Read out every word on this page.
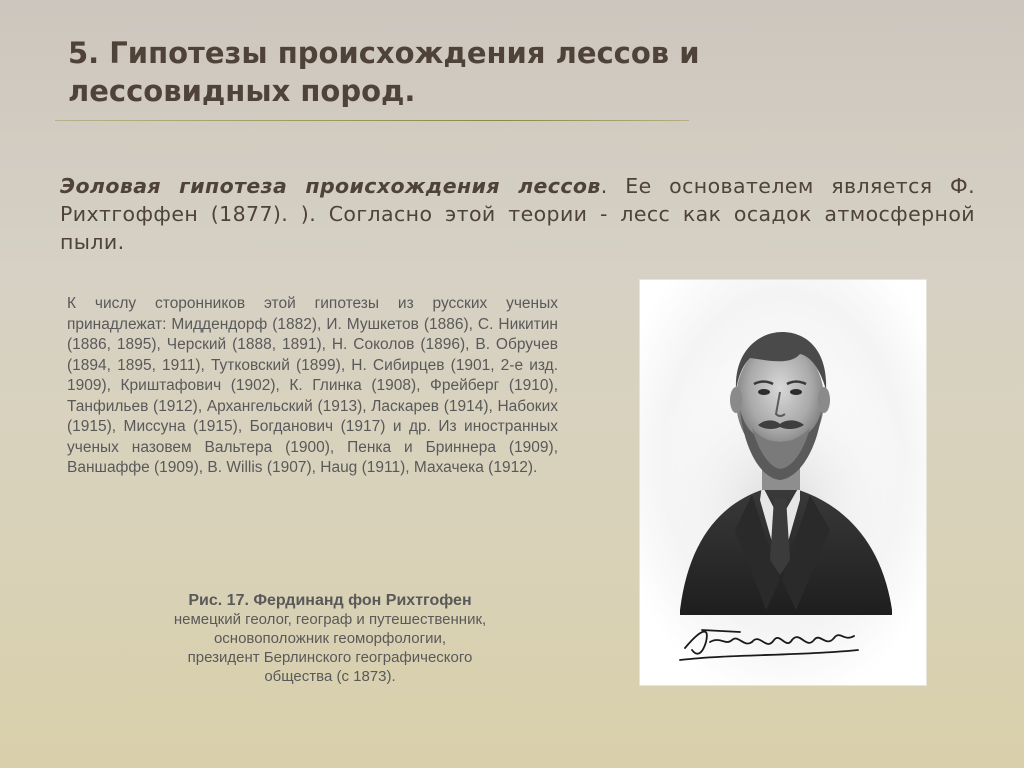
5. Гипотезы происхождения лессов и лессовидных пород.
Эоловая гипотеза происхождения лессов. Ее основателем является Ф. Рихтгоффен (1877). ). Согласно этой теории - лесс как осадок атмосферной пыли.
К числу сторонников этой гипотезы из русских ученых принадлежат: Миддендорф (1882), И. Мушкетов (1886), С. Никитин (1886, 1895), Черский (1888, 1891), Н. Соколов (1896), В. Обручев (1894, 1895, 1911), Тутковский (1899), Н. Сибирцев (1901, 2-е изд. 1909), Криштафович (1902), К. Глинка (1908), Фрейберг (1910), Танфильев (1912), Архангельский (1913), Ласкарев (1914), Набоких (1915), Миссуна (1915), Богданович (1917) и др. Из иностранных ученых назовем Вальтера (1900), Пенка и Бриннера (1909), Ваншаффе (1909), В. Willis (1907), Haug (1911), Махачека (1912).
Рис. 17. Фердинанд фон Рихтгофен
немецкий геолог, географ и путешественник,
основоположник геоморфологии,
президент Берлинского географического
общества (с 1873).
